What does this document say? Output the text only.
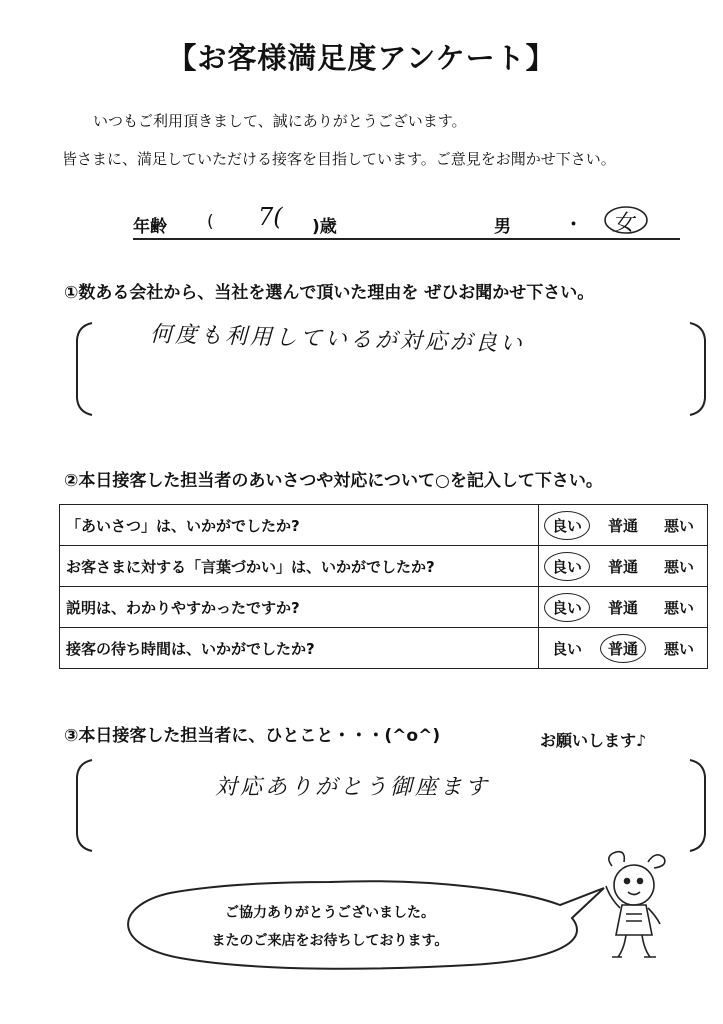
【お客様満足度アンケート】
いつもご利用頂きまして、誠にありがとうございます。
皆さまに、満足していただける接客を目指しています。ご意見をお聞かせ下さい。
年齢 ( 7( )歳	男	・ 女
①数ある会社から、当社を選んで頂いた理由を ぜひお聞かせ下さい。
何度も利用しているが対応が良い
②本日接客した担当者のあいさつや対応について○を記入して下さい。
「あいさつ」は、いかがでしたか?	良い 普通 悪い

お客さまに対する「言葉づかい」は、いかがでしたか?	良い 普通 悪い

説明は、わかりやすかったですか?	良い 普通 悪い

接客の待ち時間は、いかがでしたか?	良い 普通 悪い
③本日接客した担当者に、ひとこと・・・(^o^)	お願いします♪
対応ありがとう御座ます
ご協力ありがとうございました。
またのご来店をお待ちしております。
